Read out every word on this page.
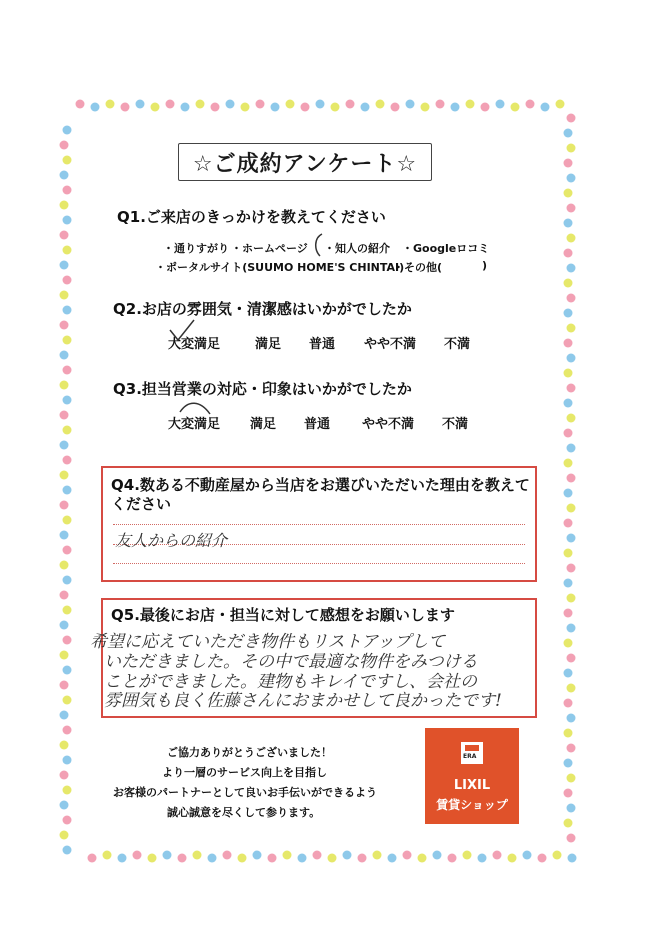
☆ご成約アンケート☆
Q1.ご来店のきっかけを教えてください
・通りすがり ・ホームページ ・知人の紹介 ・Googleロコミ
・ポータルサイト(SUUMO HOME'S CHINTAI)
・その他(	)
Q2.お店の雰囲気・清潔感はいかがでしたか
大変満足	満足 普通 やや不満 不満
Q3.担当営業の対応・印象はいかがでしたか
大変満足 満足 普通 やや不満 不満
Q4.数ある不動産屋から当店をお選びいただいた理由を教えて
ください
友人からの紹介
Q5.最後にお店・担当に対して感想をお願いします
希望に応えていただき物件もリストアップして
いただきました。その中で最適な物件をみつける
ことができました。建物もキレイですし、会社の
雰囲気も良く佐藤さんにおまかせして良かったです!
ご協力ありがとうございました！
より一層のサービス向上を目指し
お客様のパートナーとして良いお手伝いができるよう
誠心誠意を尽くして参ります。
ERA
LIXIL
賃貸ショップ
